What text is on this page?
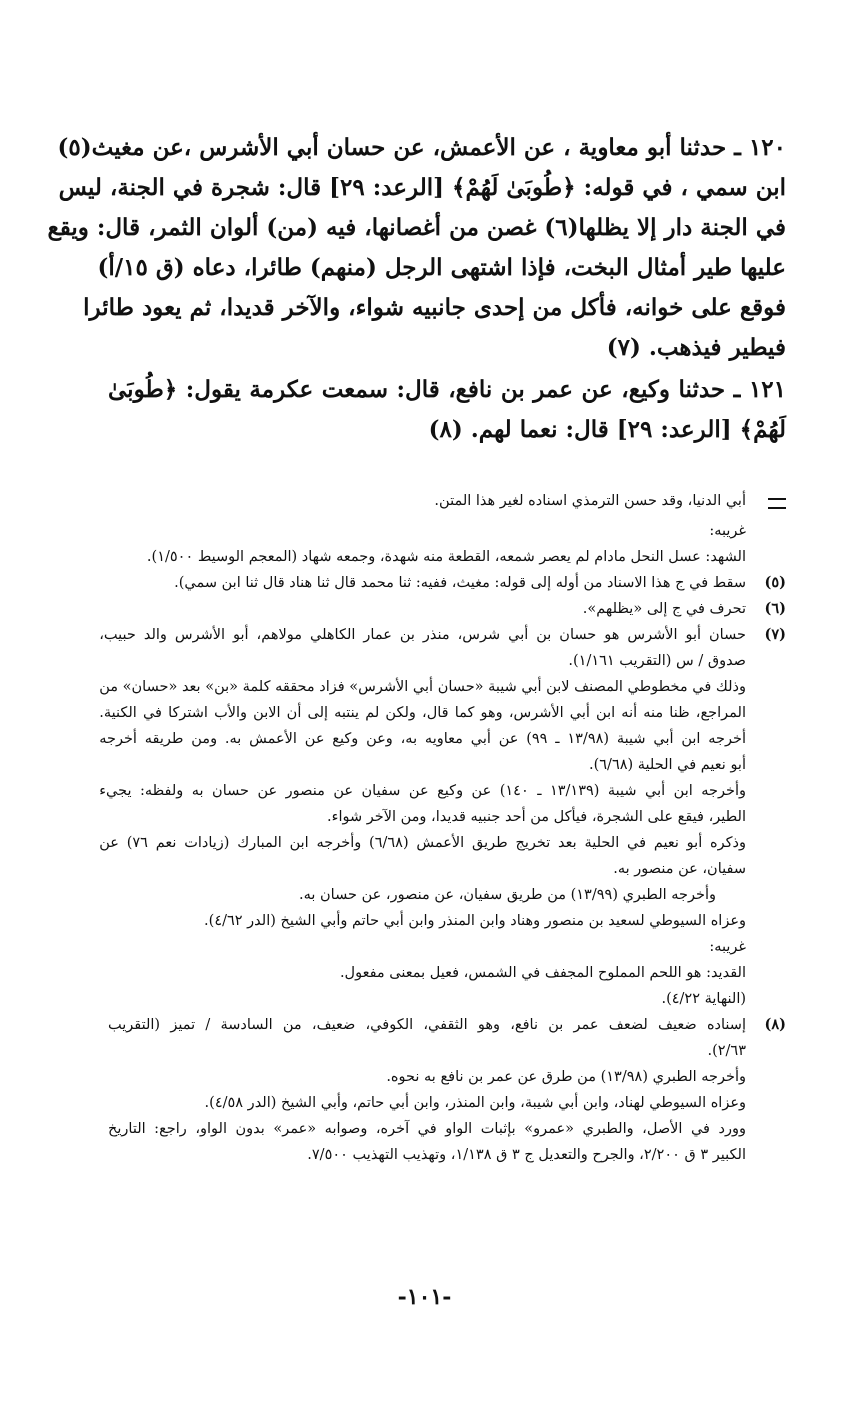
١٢٠ ـ حدثنا أبو معاوية ، عن الأعمش، عن حسان أبي الأشرس ،عن مغيث(٥)
ابن سمي ، في قوله: ﴿طُوبَىٰ لَهُمْ﴾ [الرعد: ٢٩] قال: شجرة في الجنة، ليس
في الجنة دار إلا يظلها(٦) غصن من أغصانها، فيه (من) ألوان الثمر، قال: ويقع
عليها طير أمثال البخت، فإذا اشتهى الرجل (منهم) طائرا، دعاه (ق ١٥/أ)
فوقع على خوانه، فأكل من إحدى جانبيه شواء، والآخر قديدا، ثم يعود طائرا
فيطير فيذهب. (٧)
١٢١ ـ حدثنا وكيع، عن عمر بن نافع، قال: سمعت عكرمة يقول: ﴿طُوبَىٰ
لَهُمْ﴾ [الرعد: ٢٩] قال: نعما لهم. (٨)
أبي الدنيا، وقد حسن الترمذي اسناده لغير هذا المتن.
غريبه:
الشهد: عسل النحل مادام لم يعصر شمعه، القطعة منه شهدة، وجمعه شهاد (المعجم الوسيط ١/٥٠٠).
(٥)
سقط في ج هذا الاسناد من أوله إلى قوله: مغيث، ففيه: ثنا محمد قال ثنا هناد قال ثنا ابن سمي).
(٦)
تحرف في ج إلى «يظلهم».
(٧)
حسان أبو الأشرس هو حسان بن أبي شرس، منذر بن عمار الكاهلي مولاهم، أبو الأشرس والد حبيب،
صدوق / س (التقريب ١/١٦١).
وذلك في مخطوطي المصنف لابن أبي شيبة «حسان أبي الأشرس» فزاد محققه كلمة «بن» بعد «حسان» من
المراجع، ظنا منه أنه ابن أبي الأشرس، وهو كما قال، ولكن لم ينتبه إلى أن الابن والأب اشتركا في الكنية.
أخرجه ابن أبي شيبة (١٣/٩٨ ـ ٩٩) عن أبي معاويه به، وعن وكيع عن الأعمش به. ومن طريقه أخرجه
أبو نعيم في الحلية (٦/٦٨).
وأخرجه ابن أبي شيبة (١٣/١٣٩ ـ ١٤٠) عن وكيع عن سفيان عن منصور عن حسان به ولفظه: يجيء
الطير، فيقع على الشجرة، فيأكل من أحد جنبيه قديدا، ومن الآخر شواء.
وذكره أبو نعيم في الحلية بعد تخريج طريق الأعمش (٦/٦٨) وأخرجه ابن المبارك (زيادات نعم ٧٦) عن
سفيان، عن منصور به.
وأخرجه الطبري (١٣/٩٩) من طريق سفيان، عن منصور، عن حسان به.
وعزاه السيوطي لسعيد بن منصور وهناد وابن المنذر وابن أبي حاتم وأبي الشيخ (الدر ٤/٦٢).
غريبه:
القديد: هو اللحم المملوح المجفف في الشمس، فعيل بمعنى مفعول.
(النهاية ٤/٢٢).
(٨)
إسناده ضعيف لضعف عمر بن نافع، وهو الثقفي، الكوفي، ضعيف، من السادسة / تميز (التقريب
٢/٦٣).
وأخرجه الطبري (١٣/٩٨) من طرق عن عمر بن نافع به نحوه.
وعزاه السيوطي لهناد، وابن أبي شيبة، وابن المنذر، وابن أبي حاتم، وأبي الشيخ (الدر ٤/٥٨).
وورد في الأصل، والطبري «عمرو» بإثبات الواو في آخره، وصوابه «عمر» بدون الواو، راجع: التاريخ
الكبير ٣ ق ٢/٢٠٠، والجرح والتعديل ج ٣ ق ١/١٣٨، وتهذيب التهذيب ٧/٥٠٠.
-١٠١-
